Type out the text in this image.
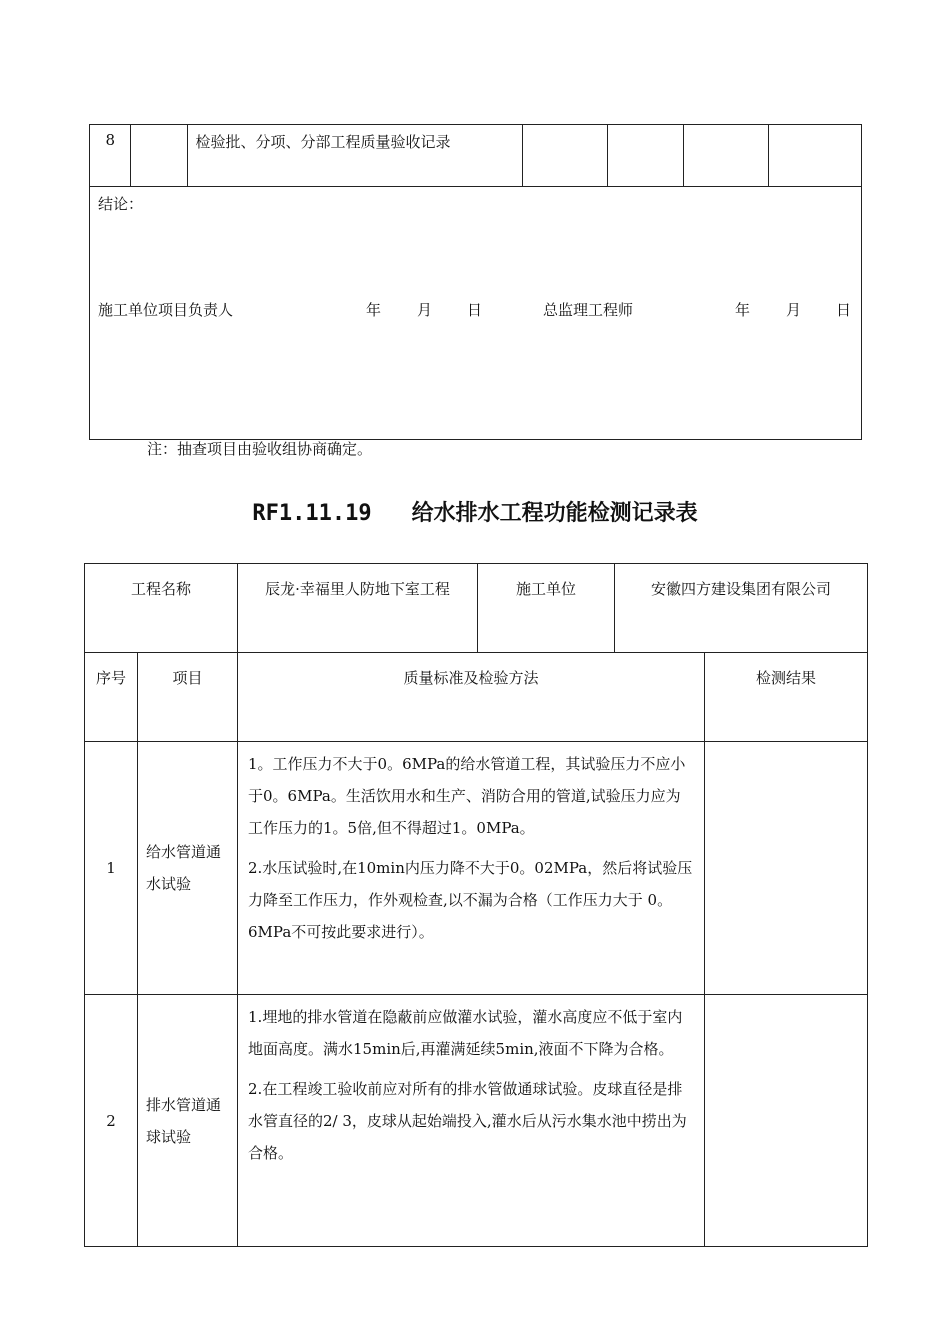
8		检验批、分项、分部工程质量验收记录				

结论：
施工单位项目负责人	年 月 日	总监理工程师	年 月 日
注：抽查项目由验收组协商确定。
RF1.11.19 给水排水工程功能检测记录表
工程名称		辰龙·幸福里人防地下室工程	施工单位	安徽四方建设集团有限公司	
序号	项目	质量标准及检验方法			检测结果
1	给水管道通水试验	1。工作压力不大于0。6MPa的给水管道工程，其试验压力不应小于0。6MPa。生活饮用水和生产、消防合用的管道,试验压力应为工作压力的1。5倍,但不得超过1。0MPa。

2.水压试验时,在10min内压力降不大于0。02MPa，然后将试验压力降至工作压力，作外观检查,以不漏为合格（工作压力大于 0。6MPa不可按此要求进行）。			

2	排水管道通球试验	1.埋地的排水管道在隐蔽前应做灌水试验，灌水高度应不低于室内地面高度。满水15min后,再灌满延续5min,液面不下降为合格。

2.在工程竣工验收前应对所有的排水管做通球试验。皮球直径是排水管直径的2/ 3，皮球从起始端投入,灌水后从污水集水池中捞出为合格。			
